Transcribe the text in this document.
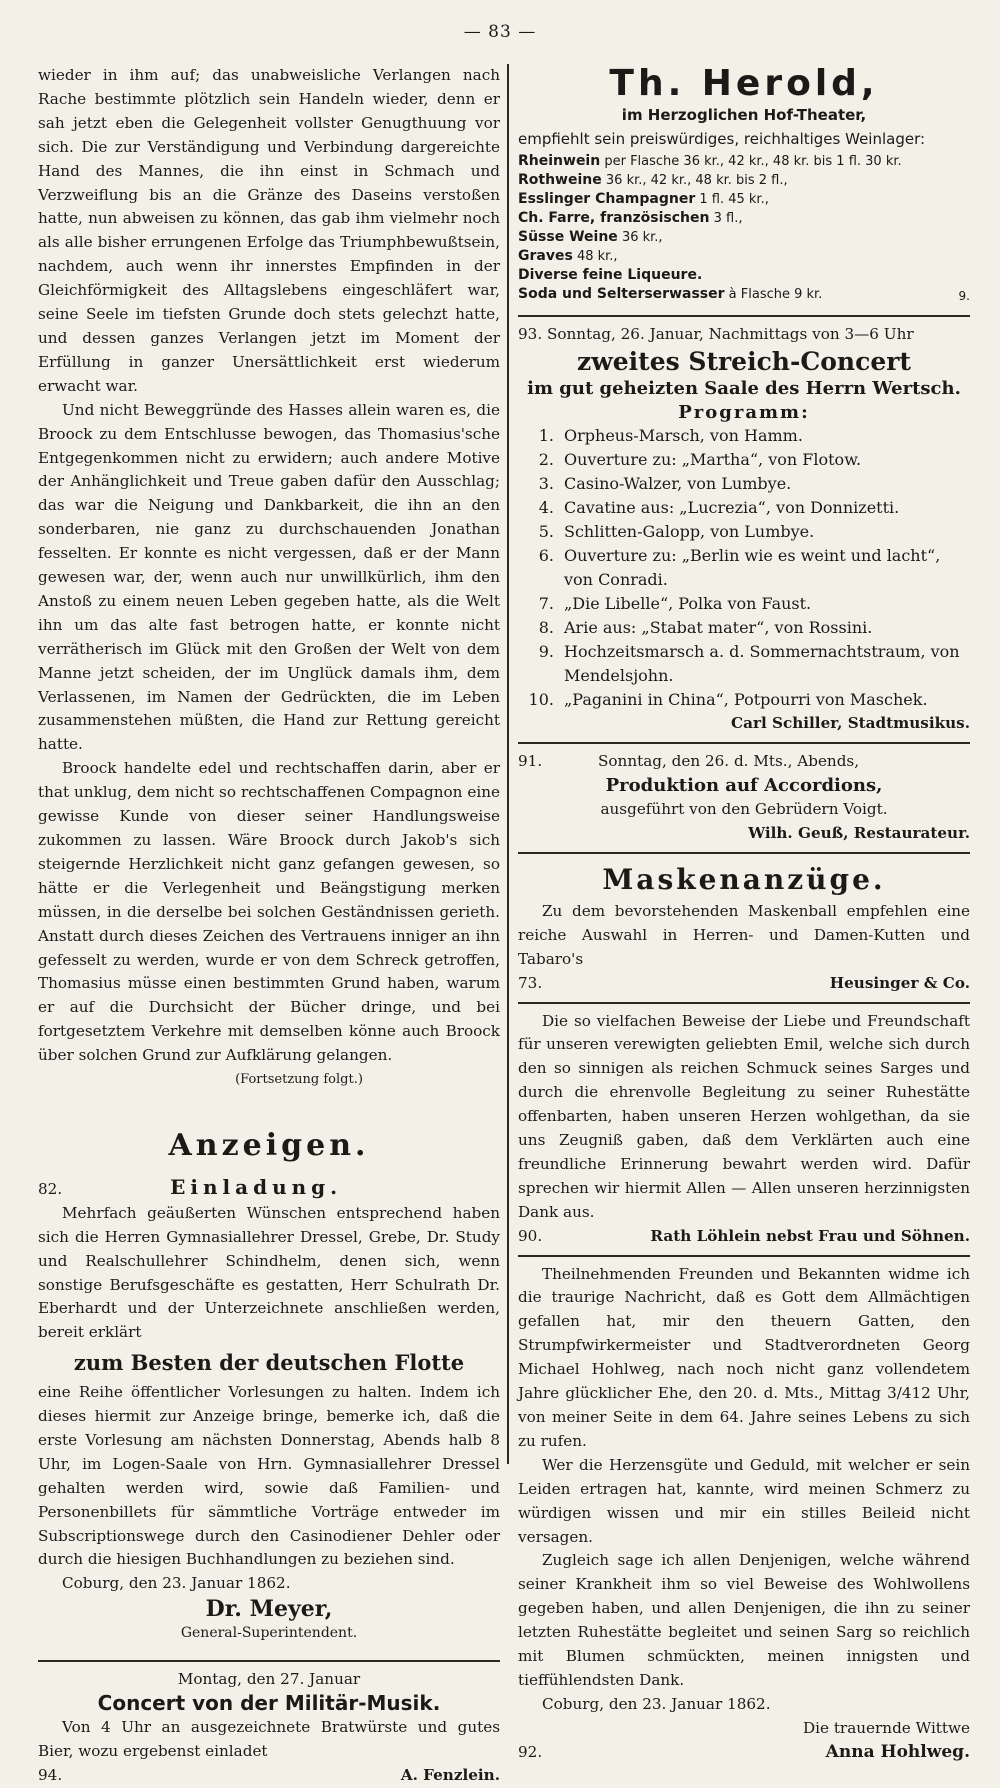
— 83 —

wieder in ihm auf; das unabweisliche Verlangen nach Rache bestimmte plötzlich sein Handeln wieder, denn er sah jetzt eben die Gelegenheit vollster Genugthuung vor sich. Die zur Verständigung und Verbindung dargereichte Hand des Mannes, die ihn einst in Schmach und Verzweiflung bis an die Gränze des Daseins verstoßen hatte, nun abweisen zu können, das gab ihm vielmehr noch als alle bisher errungenen Erfolge das Triumphbewußtsein, nachdem, auch wenn ihr innerstes Empfinden in der Gleichförmigkeit des Alltagslebens eingeschläfert war, seine Seele im tiefsten Grunde doch stets gelechzt hatte, und dessen ganzes Verlangen jetzt im Moment der Erfüllung in ganzer Unersättlichkeit erst wiederum erwacht war.

Und nicht Beweggründe des Hasses allein waren es, die Broock zu dem Entschlusse bewogen, das Thomasius'sche Entgegenkommen nicht zu erwidern; auch andere Motive der Anhänglichkeit und Treue gaben dafür den Ausschlag; das war die Neigung und Dankbarkeit, die ihn an den sonderbaren, nie ganz zu durchschauenden Jonathan fesselten. Er konnte es nicht vergessen, daß er der Mann gewesen war, der, wenn auch nur unwillkürlich, ihm den Anstoß zu einem neuen Leben gegeben hatte, als die Welt ihn um das alte fast betrogen hatte, er konnte nicht verrätherisch im Glück mit den Großen der Welt von dem Manne jetzt scheiden, der im Unglück damals ihm, dem Verlassenen, im Namen der Gedrückten, die im Leben zusammenstehen müßten, die Hand zur Rettung gereicht hatte.

Broock handelte edel und rechtschaffen darin, aber er that unklug, dem nicht so rechtschaffenen Compagnon eine gewisse Kunde von dieser seiner Handlungsweise zukommen zu lassen. Wäre Broock durch Jakob's sich steigernde Herzlichkeit nicht ganz gefangen gewesen, so hätte er die Verlegenheit und Beängstigung merken müssen, in die derselbe bei solchen Geständnissen gerieth. Anstatt durch dieses Zeichen des Vertrauens inniger an ihn gefesselt zu werden, wurde er von dem Schreck getroffen, Thomasius müsse einen bestimmten Grund haben, warum er auf die Durchsicht der Bücher dringe, und bei fortgesetztem Verkehre mit demselben könne auch Broock über solchen Grund zur Aufklärung gelangen.

(Fortsetzung folgt.)
Anzeigen.
82.	Einladung.

Mehrfach geäußerten Wünschen entsprechend haben sich die Herren Gymnasiallehrer Dressel, Grebe, Dr. Study und Realschullehrer Schindhelm, denen sich, wenn sonstige Berufsgeschäfte es gestatten, Herr Schulrath Dr. Eberhardt und der Unterzeichnete anschließen werden, bereit erklärt

zum Besten der deutschen Flotte

eine Reihe öffentlicher Vorlesungen zu halten. Indem ich dieses hiermit zur Anzeige bringe, bemerke ich, daß die erste Vorlesung am nächsten Donnerstag, Abends halb 8 Uhr, im Logen-Saale von Hrn. Gymnasiallehrer Dressel gehalten werden wird, sowie daß Familien- und Personenbillets für sämmtliche Vorträge entweder im Subscriptionswege durch den Casinodiener Dehler oder durch die hiesigen Buchhandlungen zu beziehen sind.

Coburg, den 23. Januar 1862.
Dr. Meyer,
General-Superintendent.
Montag, den 27. Januar
Concert von der Militär-Musik.

Von 4 Uhr an ausgezeichnete Bratwürste und gutes Bier, wozu ergebenst einladet

94.	A. Fenzlein.
Th. Herold,
im Herzoglichen Hof-Theater,
empfiehlt sein preiswürdiges, reichhaltiges Weinlager:
Rheinwein per Flasche 36 kr., 42 kr., 48 kr. bis 1 fl. 30 kr.
Rothweine 36 kr., 42 kr., 48 kr. bis 2 fl.,
Esslinger Champagner 1 fl. 45 kr.,
Ch. Farre, französischen 3 fl.,
Süsse Weine 36 kr.,
Graves 48 kr.,
Diverse feine Liqueure.
Soda und Selterserwasser à Flasche 9 kr.	9.
93. Sonntag, 26. Januar, Nachmittags von 3—6 Uhr
zweites Streich-Concert
im gut geheizten Saale des Herrn Wertsch.
Programm:
1. Orpheus-Marsch, von Hamm.
2. Ouverture zu: „Martha“, von Flotow.
3. Casino-Walzer, von Lumbye.
4. Cavatine aus: „Lucrezia“, von Donnizetti.
5. Schlitten-Galopp, von Lumbye.
6. Ouverture zu: „Berlin wie es weint und lacht“, von Conradi.
7. „Die Libelle“, Polka von Faust.
8. Arie aus: „Stabat mater“, von Rossini.
9. Hochzeitsmarsch a. d. Sommernachtstraum, von Mendelsjohn.
10. „Paganini in China“, Potpourri von Maschek.
Carl Schiller, Stadtmusikus.
91.	Sonntag, den 26. d. Mts., Abends,
Produktion auf Accordions,
ausgeführt von den Gebrüdern Voigt.
Wilh. Geuß, Restaurateur.
Maskenanzüge.

Zu dem bevorstehenden Maskenball empfehlen eine reiche Auswahl in Herren- und Damen-Kutten und Tabaro's

73.	Heusinger & Co.

Die so vielfachen Beweise der Liebe und Freundschaft für unseren verewigten geliebten Emil, welche sich durch den so sinnigen als reichen Schmuck seines Sarges und durch die ehrenvolle Begleitung zu seiner Ruhestätte offenbarten, haben unseren Herzen wohlgethan, da sie uns Zeugniß gaben, daß dem Verklärten auch eine freundliche Erinnerung bewahrt werden wird. Dafür sprechen wir hiermit Allen — Allen unseren herzinnigsten Dank aus.

90.	Rath Löhlein nebst Frau und Söhnen.

Theilnehmenden Freunden und Bekannten widme ich die traurige Nachricht, daß es Gott dem Allmächtigen gefallen hat, mir den theuern Gatten, den Strumpfwirkermeister und Stadtverordneten Georg Michael Hohlweg, nach noch nicht ganz vollendetem Jahre glücklicher Ehe, den 20. d. Mts., Mittag 3/412 Uhr, von meiner Seite in dem 64. Jahre seines Lebens zu sich zu rufen.

Wer die Herzensgüte und Geduld, mit welcher er sein Leiden ertragen hat, kannte, wird meinen Schmerz zu würdigen wissen und mir ein stilles Beileid nicht versagen.

Zugleich sage ich allen Denjenigen, welche während seiner Krankheit ihm so viel Beweise des Wohlwollens gegeben haben, und allen Denjenigen, die ihn zu seiner letzten Ruhestätte begleitet und seinen Sarg so reichlich mit Blumen schmückten, meinen innigsten und tieffühlendsten Dank.

Coburg, den 23. Januar 1862.
Die trauernde Wittwe
92.	Anna Hohlweg.
